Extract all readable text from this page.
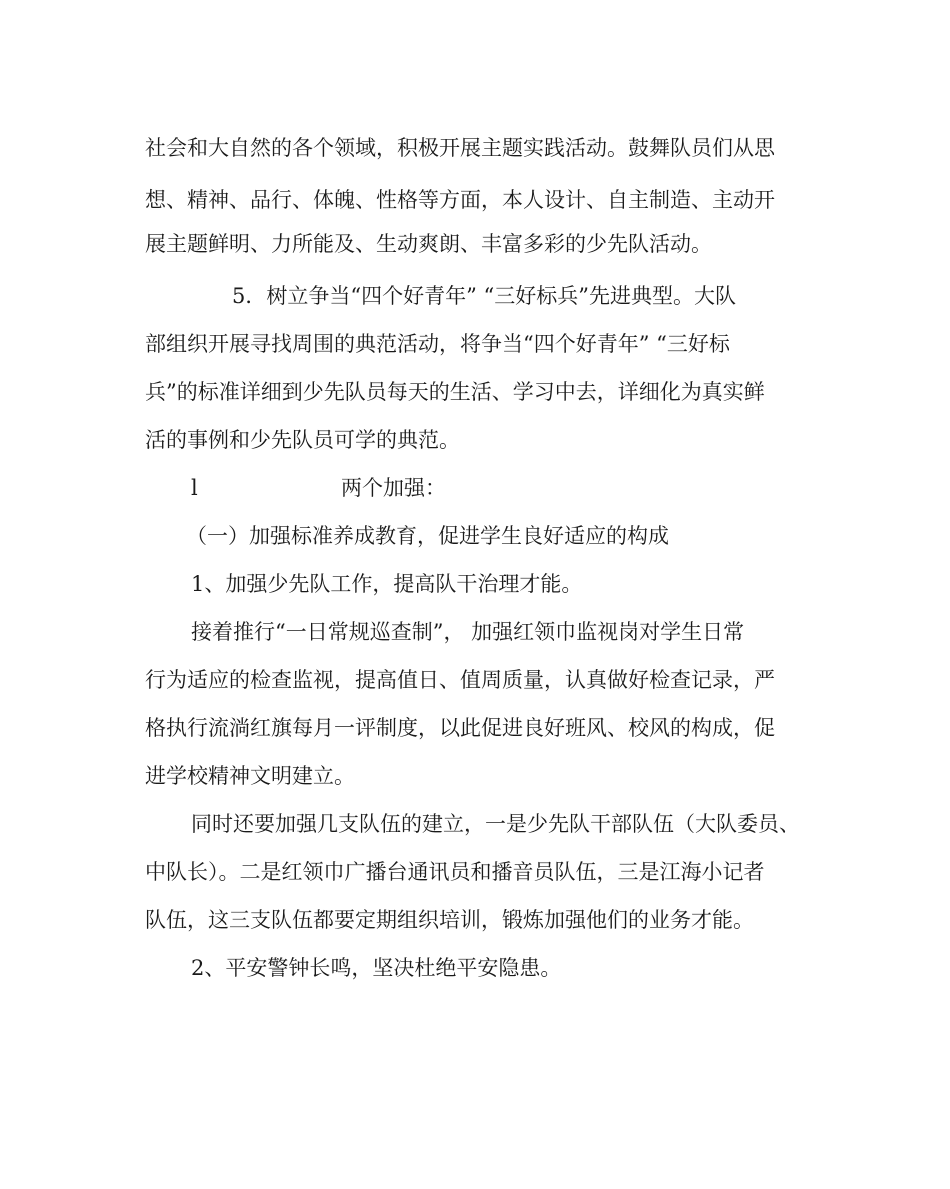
社会和大自然的各个领域，积极开展主题实践活动。鼓舞队员们从思
想、精神、品行、体魄、性格等方面，本人设计、自主制造、主动开
展主题鲜明、力所能及、生动爽朗、丰富多彩的少先队活动。
5．树立争当“四个好青年” “三好标兵”先进典型。大队
部组织开展寻找周围的典范活动，将争当“四个好青年” “三好标
兵”的标准详细到少先队员每天的生活、学习中去，详细化为真实鲜
活的事例和少先队员可学的典范。
l	两个加强：
（一）加强标准养成教育，促进学生良好适应的构成
1、加强少先队工作，提高队干治理才能。
接着推行“一日常规巡查制”， 加强红领巾监视岗对学生日常
行为适应的检查监视，提高值日、值周质量，认真做好检查记录，严
格执行流淌红旗每月一评制度，以此促进良好班风、校风的构成，促
进学校精神文明建立。
同时还要加强几支队伍的建立，一是少先队干部队伍（大队委员、
中队长）。二是红领巾广播台通讯员和播音员队伍，三是江海小记者
队伍，这三支队伍都要定期组织培训，锻炼加强他们的业务才能。
2、平安警钟长鸣，坚决杜绝平安隐患。
